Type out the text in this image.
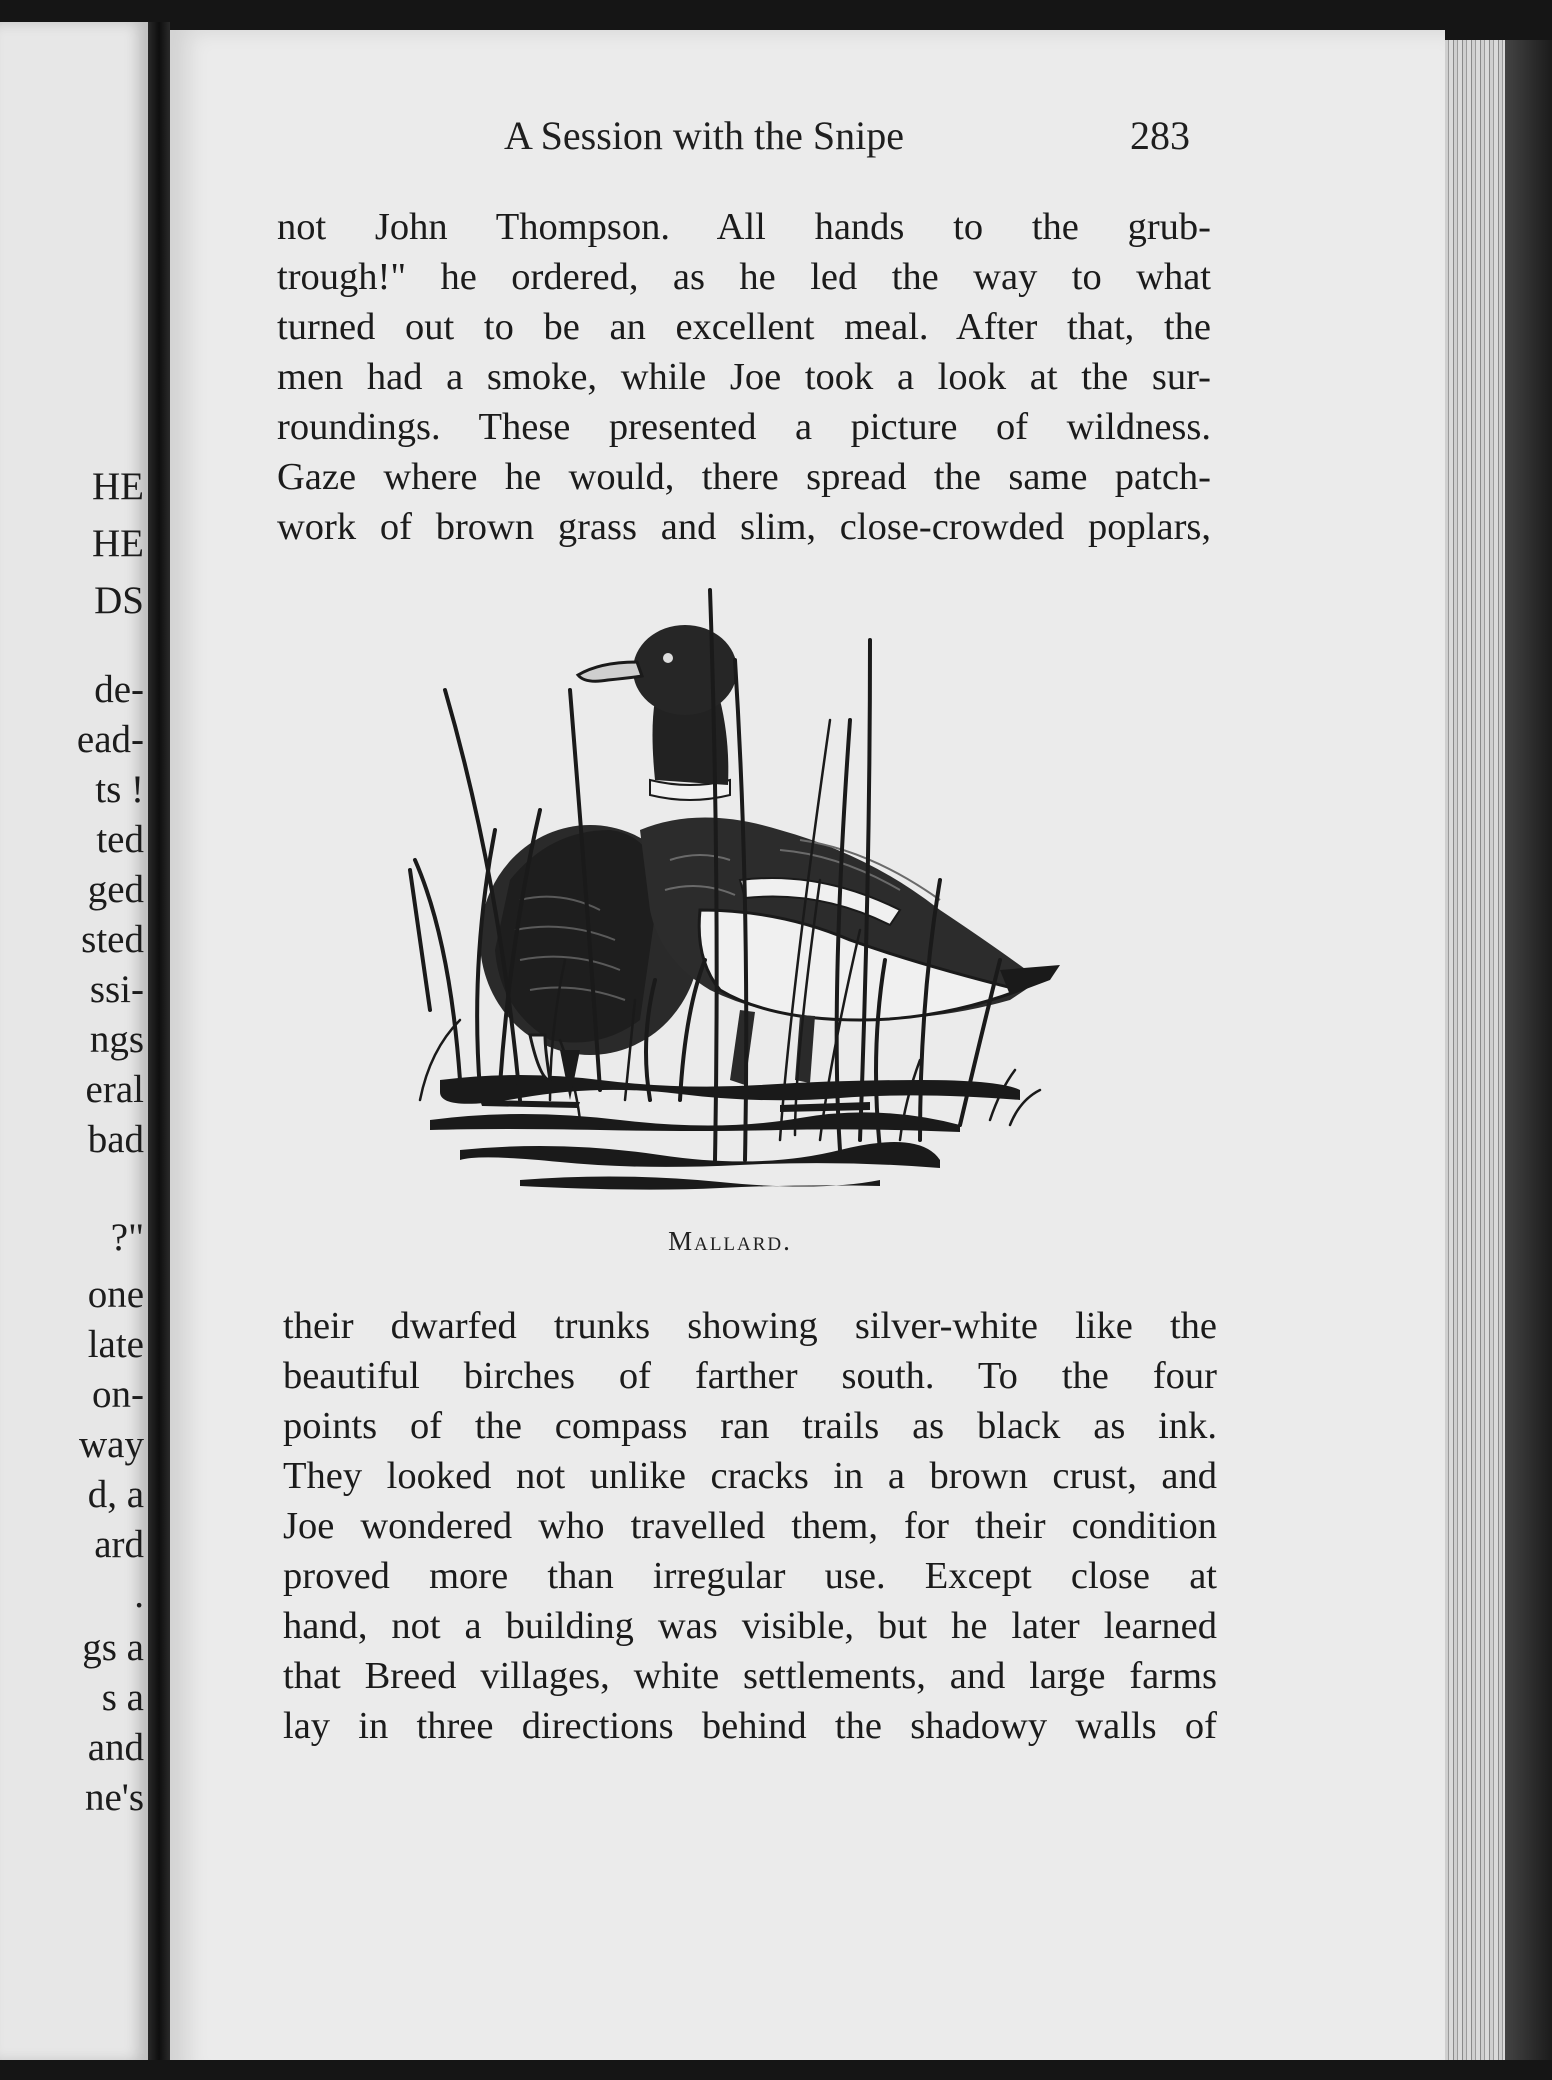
HE
HE
DS
de-
ead-
ts !
ted
ged
sted
ssi-
ngs
eral
bad
?"
one
late
on-
way
d, a
ard
.
gs a
s a
and
ne's
A Session with the Snipe	283
not John Thompson. All hands to the grub-
trough!" he ordered, as he led the way to what
turned out to be an excellent meal. After that, the
men had a smoke, while Joe took a look at the sur-
roundings. These presented a picture of wildness.
Gaze where he would, there spread the same patch-
work of brown grass and slim, close-crowded poplars,
Mallard.
their dwarfed trunks showing silver-white like the
beautiful birches of farther south. To the four
points of the compass ran trails as black as ink.
They looked not unlike cracks in a brown crust, and
Joe wondered who travelled them, for their condition
proved more than irregular use. Except close at
hand, not a building was visible, but he later learned
that Breed villages, white settlements, and large farms
lay in three directions behind the shadowy walls of
